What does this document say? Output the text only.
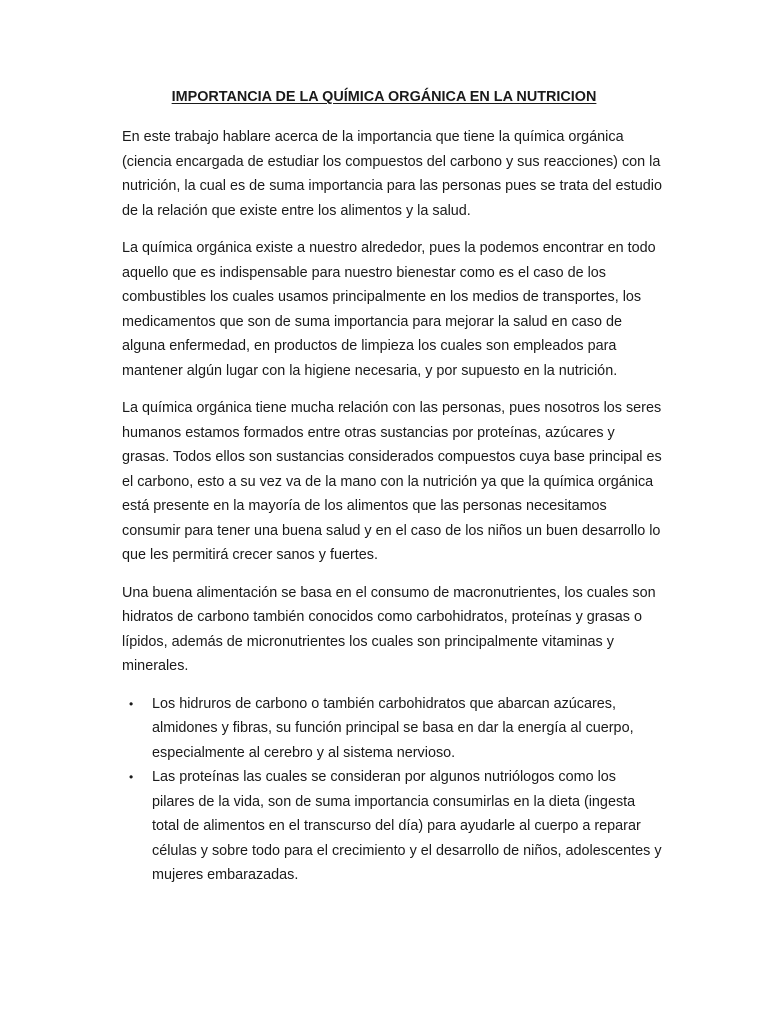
IMPORTANCIA DE LA QUÍMICA ORGÁNICA EN LA NUTRICION

En este trabajo hablare acerca de la importancia que tiene la química orgánica (ciencia encargada de estudiar los compuestos del carbono y sus reacciones) con la nutrición, la cual es de suma importancia para las personas pues se trata del estudio de la relación que existe entre los alimentos y la salud.

La química orgánica existe a nuestro alrededor, pues la podemos encontrar en todo aquello que es indispensable para nuestro bienestar como es el caso de los combustibles los cuales usamos principalmente en los medios de transportes, los medicamentos que son de suma importancia para mejorar la salud en caso de alguna enfermedad, en productos de limpieza los cuales son empleados para mantener algún lugar con la higiene necesaria, y por supuesto en la nutrición.

La química orgánica tiene mucha relación con las personas, pues nosotros los seres humanos estamos formados entre otras sustancias por proteínas, azúcares y grasas. Todos ellos son sustancias considerados compuestos cuya base principal es el carbono, esto a su vez va de la mano con la nutrición ya que la química orgánica está presente en la mayoría de los alimentos que las personas necesitamos consumir para tener una buena salud y en el caso de los niños un buen desarrollo lo que les permitirá crecer sanos y fuertes.

Una buena alimentación se basa en el consumo de macronutrientes, los cuales son hidratos de carbono también conocidos como carbohidratos, proteínas y grasas o lípidos, además de micronutrientes los cuales son principalmente vitaminas y minerales.

• Los hidruros de carbono o también carbohidratos que abarcan azúcares, almidones y fibras, su función principal se basa en dar la energía al cuerpo, especialmente al cerebro y al sistema nervioso.
• Las proteínas las cuales se consideran por algunos nutriólogos como los pilares de la vida, son de suma importancia consumirlas en la dieta (ingesta total de alimentos en el transcurso del día) para ayudarle al cuerpo a reparar células y sobre todo para el crecimiento y el desarrollo de niños, adolescentes y mujeres embarazadas.
